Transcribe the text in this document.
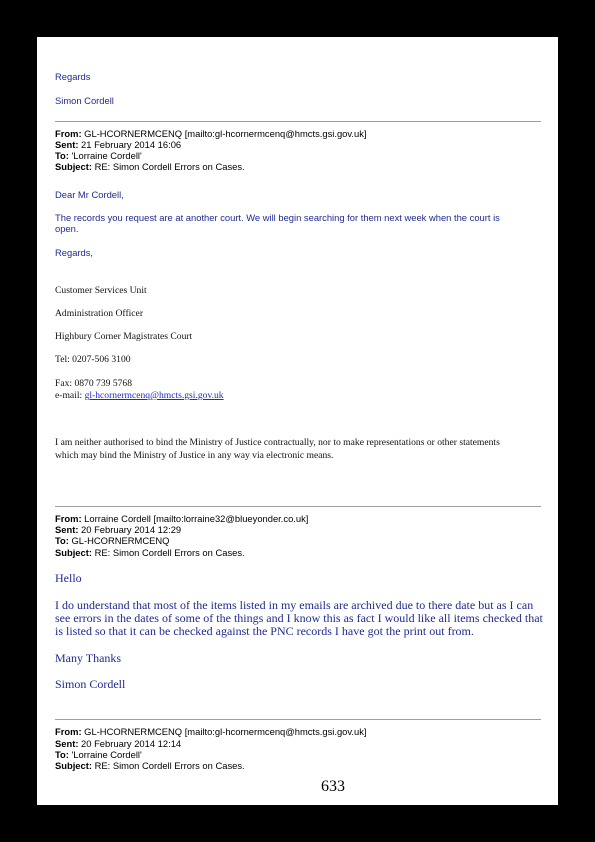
Regards

Simon Cordell

From: GL-HCORNERMCENQ [mailto:gl-hcornermcenq@hmcts.gsi.gov.uk]
Sent: 21 February 2014 16:06
To: 'Lorraine Cordell'
Subject: RE: Simon Cordell Errors on Cases.

Dear Mr Cordell,

The records you request are at another court. We will begin searching for them next week when the court is

open.

Regards,

Customer Services Unit

Administration Officer

Highbury Corner Magistrates Court

Tel: 0207-506 3100

Fax: 0870 739 5768

e-mail: gl-hcornermcenq@hmcts.gsi.gov.uk

I am neither authorised to bind the Ministry of Justice contractually, nor to make representations or other statements

which may bind the Ministry of Justice in any way via electronic means.

From: Lorraine Cordell [mailto:lorraine32@blueyonder.co.uk]
Sent: 20 February 2014 12:29
To: GL-HCORNERMCENQ
Subject: RE: Simon Cordell Errors on Cases.

Hello

I do understand that most of the items listed in my emails are archived due to there date but as I can

see errors in the dates of some of the things and I know this as fact I would like all items checked that

is listed so that it can be checked against the PNC records I have got the print out from.

Many Thanks

Simon Cordell

From: GL-HCORNERMCENQ [mailto:gl-hcornermcenq@hmcts.gsi.gov.uk]
Sent: 20 February 2014 12:14
To: 'Lorraine Cordell'
Subject: RE: Simon Cordell Errors on Cases.
633
